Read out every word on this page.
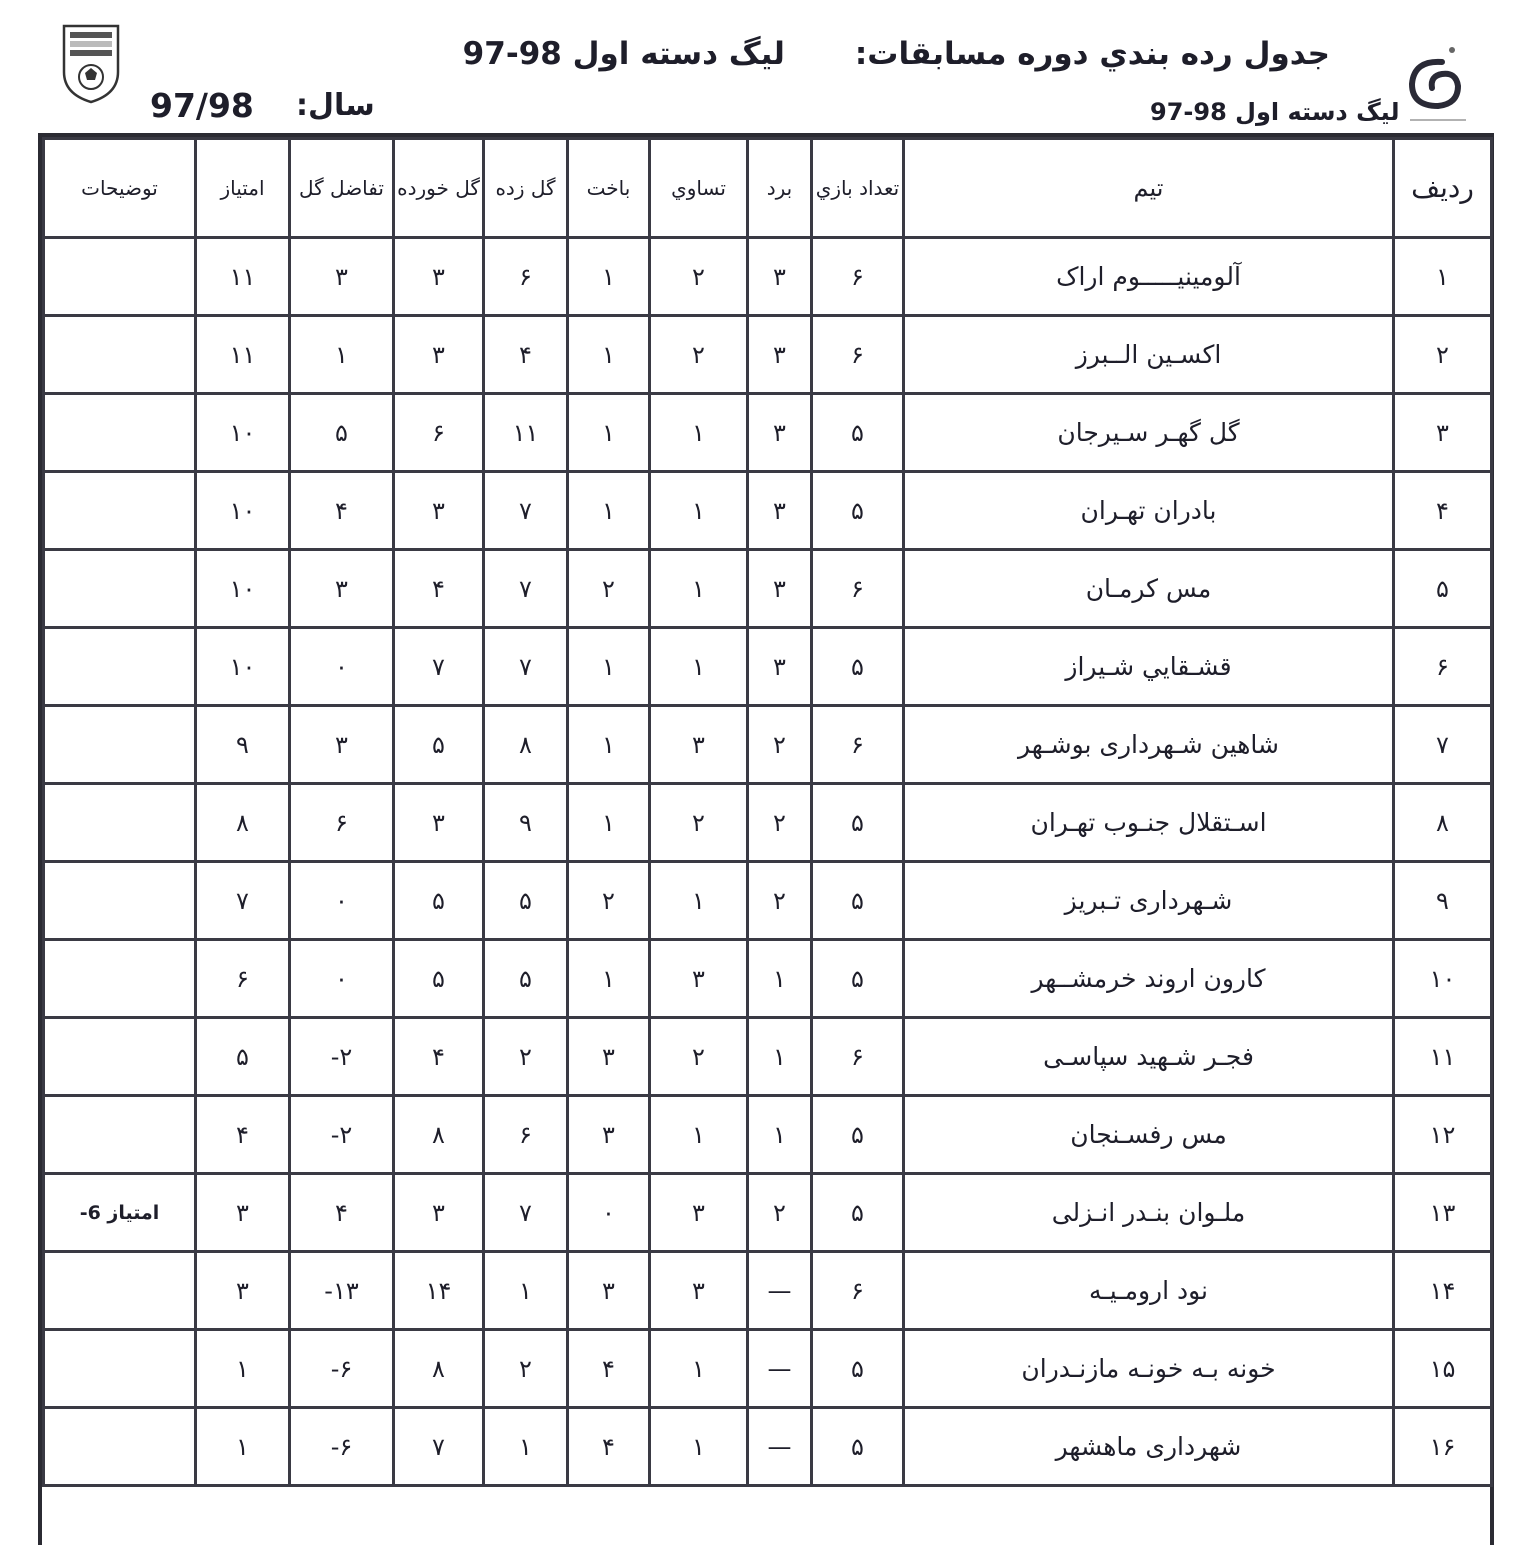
جدول رده بندي دوره مسابقات:ليگ دسته اول 98-97
سال:
97/98	ليگ دسته اول 98-97
رديف	تيم	تعداد بازي	برد	تساوي	باخت	گل زده	گل خورده	تفاضل گل	امتياز	توضيحات
۱	آلومينيـــــوم اراک	۶	۳	۲	۱	۶	۳	۳	۱۱	
۲	اکسـين الــبرز	۶	۳	۲	۱	۴	۳	۱	۱۱	
۳	گل گهـر سـيرجان	۵	۳	۱	۱	۱۱	۶	۵	۱۰	
۴	بادران تهـران	۵	۳	۱	۱	۷	۳	۴	۱۰	
۵	مس کرمـان	۶	۳	۱	۲	۷	۴	۳	۱۰	
۶	قشـقايي شـيراز	۵	۳	۱	۱	۷	۷	۰	۱۰	
۷	شاهين شـهرداری بوشـهر	۶	۲	۳	۱	۸	۵	۳	۹	
۸	اسـتقلال جنـوب تهـران	۵	۲	۲	۱	۹	۳	۶	۸	
۹	شـهرداری تـبريز	۵	۲	۱	۲	۵	۵	۰	۷	
۱۰	کارون اروند خرمشــهر	۵	۱	۳	۱	۵	۵	۰	۶	
۱۱	فجـر شـهيد سپاسـی	۶	۱	۲	۳	۲	۴	۲-	۵	
۱۲	مس رفسـنجان	۵	۱	۱	۳	۶	۸	۲-	۴	
۱۳	ملـوان بنـدر انـزلی	۵	۲	۳	۰	۷	۳	۴	۳	امتياز 6-
۱۴	نود ارومـيـه	۶	—	۳	۳	۱	۱۴	۱۳-	۳	
۱۵	خونه بـه خونـه مازنـدران	۵	—	۱	۴	۲	۸	۶-	۱	
۱۶	شهرداری ماهشهر	۵	—	۱	۴	۱	۷	۶-	۱	
